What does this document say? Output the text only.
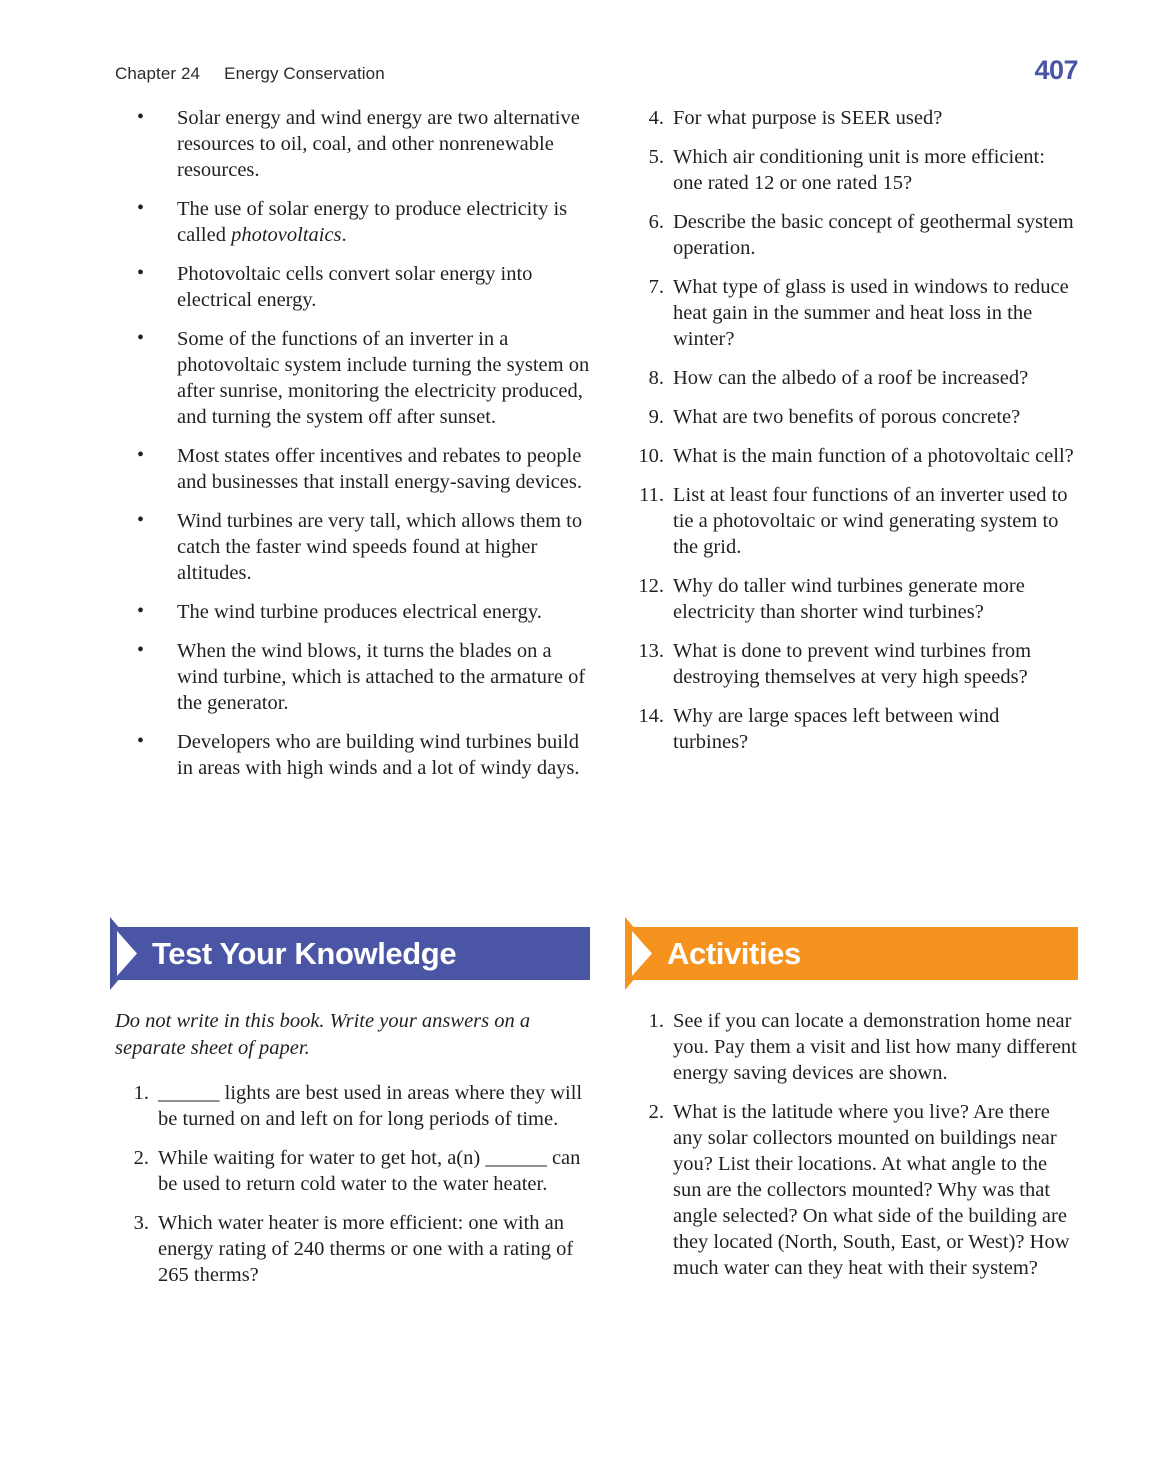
Chapter 24 Energy Conservation	407
• Solar energy and wind energy are two alternative resources to oil, coal, and other nonrenewable resources.
• The use of solar energy to produce electricity is called photovoltaics.
• Photovoltaic cells convert solar energy into electrical energy.
• Some of the functions of an inverter in a photovoltaic system include turning the system on after sunrise, monitoring the electricity produced, and turning the system off after sunset.
• Most states offer incentives and rebates to people and businesses that install energy-saving devices.
• Wind turbines are very tall, which allows them to catch the faster wind speeds found at higher altitudes.
• The wind turbine produces electrical energy.
• When the wind blows, it turns the blades on a wind turbine, which is attached to the armature of the generator.
• Developers who are building wind turbines build in areas with high winds and a lot of windy days.
4. For what purpose is SEER used?
5. Which air conditioning unit is more efficient: one rated 12 or one rated 15?
6. Describe the basic concept of geothermal system operation.
7. What type of glass is used in windows to reduce heat gain in the summer and heat loss in the winter?
8. How can the albedo of a roof be increased?
9. What are two benefits of porous concrete?
10. What is the main function of a photovoltaic cell?
11. List at least four functions of an inverter used to tie a photovoltaic or wind generating system to the grid.
12. Why do taller wind turbines generate more electricity than shorter wind turbines?
13. What is done to prevent wind turbines from destroying themselves at very high speeds?
14. Why are large spaces left between wind turbines?
Test Your Knowledge	Activities

Do not write in this book. Write your answers on a separate sheet of paper.

1. ______ lights are best used in areas where they will be turned on and left on for long periods of time.
2. While waiting for water to get hot, a(n) ______ can be used to return cold water to the water heater.
3. Which water heater is more efficient: one with an energy rating of 240 therms or one with a rating of 265 therms?
1. See if you can locate a demonstration home near you. Pay them a visit and list how many different energy saving devices are shown.
2. What is the latitude where you live? Are there any solar collectors mounted on buildings near you? List their locations. At what angle to the sun are the collectors mounted? Why was that angle selected? On what side of the building are they located (North, South, East, or West)? How much water can they heat with their system?
